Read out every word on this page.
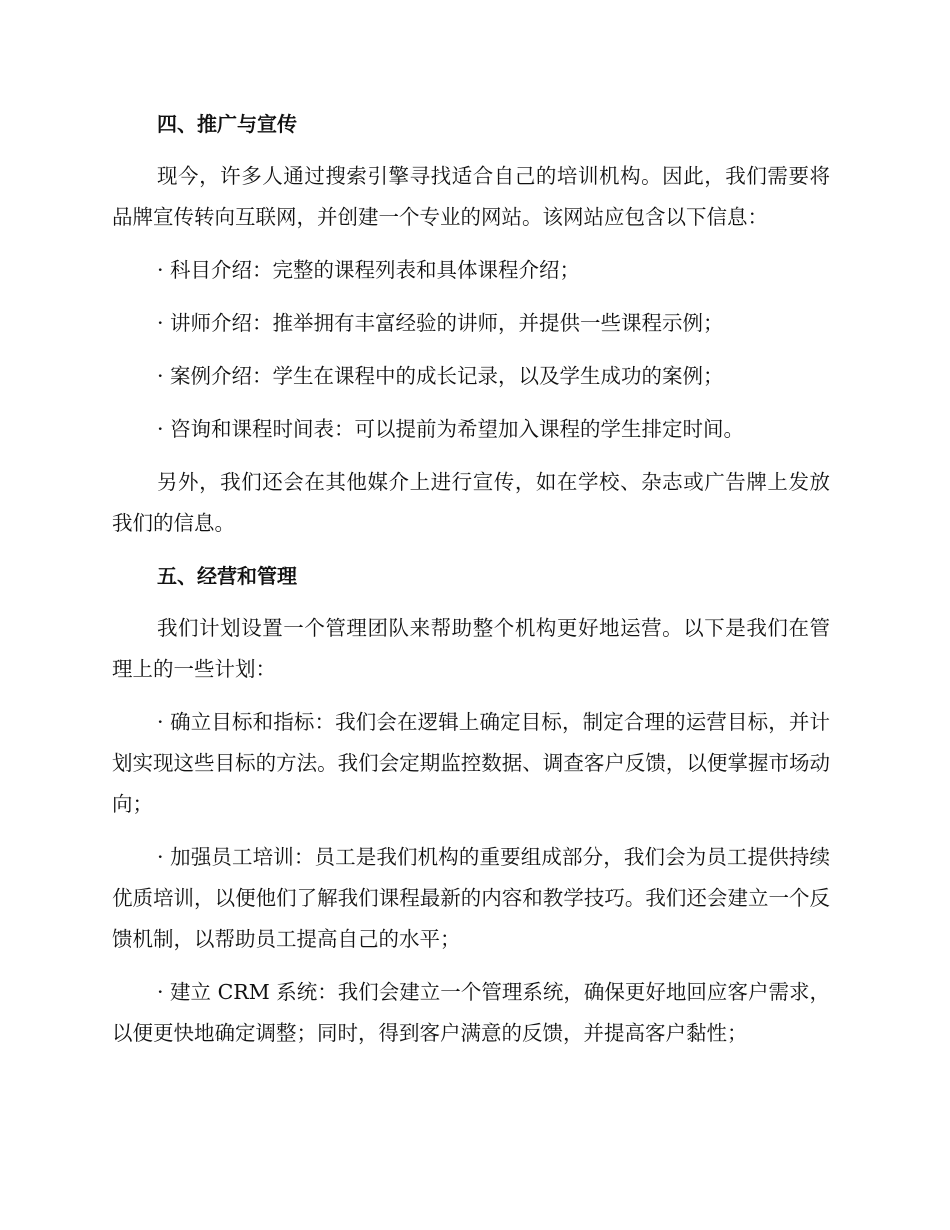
四、推广与宣传

现今，许多人通过搜索引擎寻找适合自己的培训机构。因此，我们需要将品牌宣传转向互联网，并创建一个专业的网站。该网站应包含以下信息：

· 科目介绍：完整的课程列表和具体课程介绍；

· 讲师介绍：推举拥有丰富经验的讲师，并提供一些课程示例；

· 案例介绍：学生在课程中的成长记录，以及学生成功的案例；

· 咨询和课程时间表：可以提前为希望加入课程的学生排定时间。

另外，我们还会在其他媒介上进行宣传，如在学校、杂志或广告牌上发放我们的信息。

五、经营和管理

我们计划设置一个管理团队来帮助整个机构更好地运营。以下是我们在管理上的一些计划：

· 确立目标和指标：我们会在逻辑上确定目标，制定合理的运营目标，并计划实现这些目标的方法。我们会定期监控数据、调查客户反馈，以便掌握市场动向；

· 加强员工培训：员工是我们机构的重要组成部分，我们会为员工提供持续优质培训，以便他们了解我们课程最新的内容和教学技巧。我们还会建立一个反馈机制，以帮助员工提高自己的水平；

· 建立 CRM 系统：我们会建立一个管理系统，确保更好地回应客户需求，以便更快地确定调整；同时，得到客户满意的反馈，并提高客户黏性；
